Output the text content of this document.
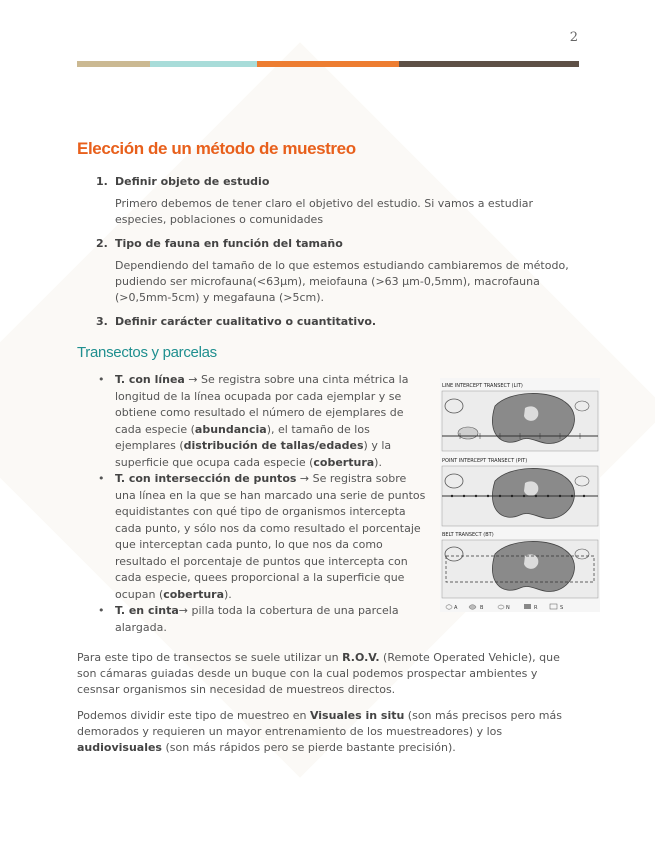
2
Elección de un método de muestreo
1. Definir objeto de estudio
Primero debemos de tener claro el objetivo del estudio. Si vamos a estudiar especies, poblaciones o comunidades
2. Tipo de fauna en función del tamaño
Dependiendo del tamaño de lo que estemos estudiando cambiaremos de método, pudiendo ser microfauna(<63µm), meiofauna (>63 µm-0,5mm), macrofauna (>0,5mm-5cm) y megafauna (>5cm).
3. Definir carácter cualitativo o cuantitativo.
Transectos y parcelas
• T. con línea → Se registra sobre una cinta métrica la longitud de la línea ocupada por cada ejemplar y se obtiene como resultado el número de ejemplares de cada especie (abundancia), el tamaño de los ejemplares (distribución de tallas/edades) y la superficie que ocupa cada especie (cobertura).
• T. con intersección de puntos → Se registra sobre una línea en la que se han marcado una serie de puntos equidistantes con qué tipo de organismos intercepta cada punto, y sólo nos da como resultado el porcentaje que interceptan cada punto, lo que nos da como resultado el porcentaje de puntos que intercepta con cada especie, quees proporcional a la superficie que ocupan (cobertura).
• T. en cinta→ pilla toda la cobertura de una parcela alargada.
LINE INTERCEPT TRANSECT (LIT)
POINT INTERCEPT TRANSECT (PIT)
BELT TRANSECT (BT)
A	B	N	R	S

Para este tipo de transectos se suele utilizar un R.O.V. (Remote Operated Vehicle), que son cámaras guiadas desde un buque con la cual podemos prospectar ambientes y cesnsar organismos sin necesidad de muestreos directos.

Podemos dividir este tipo de muestreo en Visuales in situ (son más precisos pero más demorados y requieren un mayor entrenamiento de los muestreadores) y los audiovisuales (son más rápidos pero se pierde bastante precisión).
